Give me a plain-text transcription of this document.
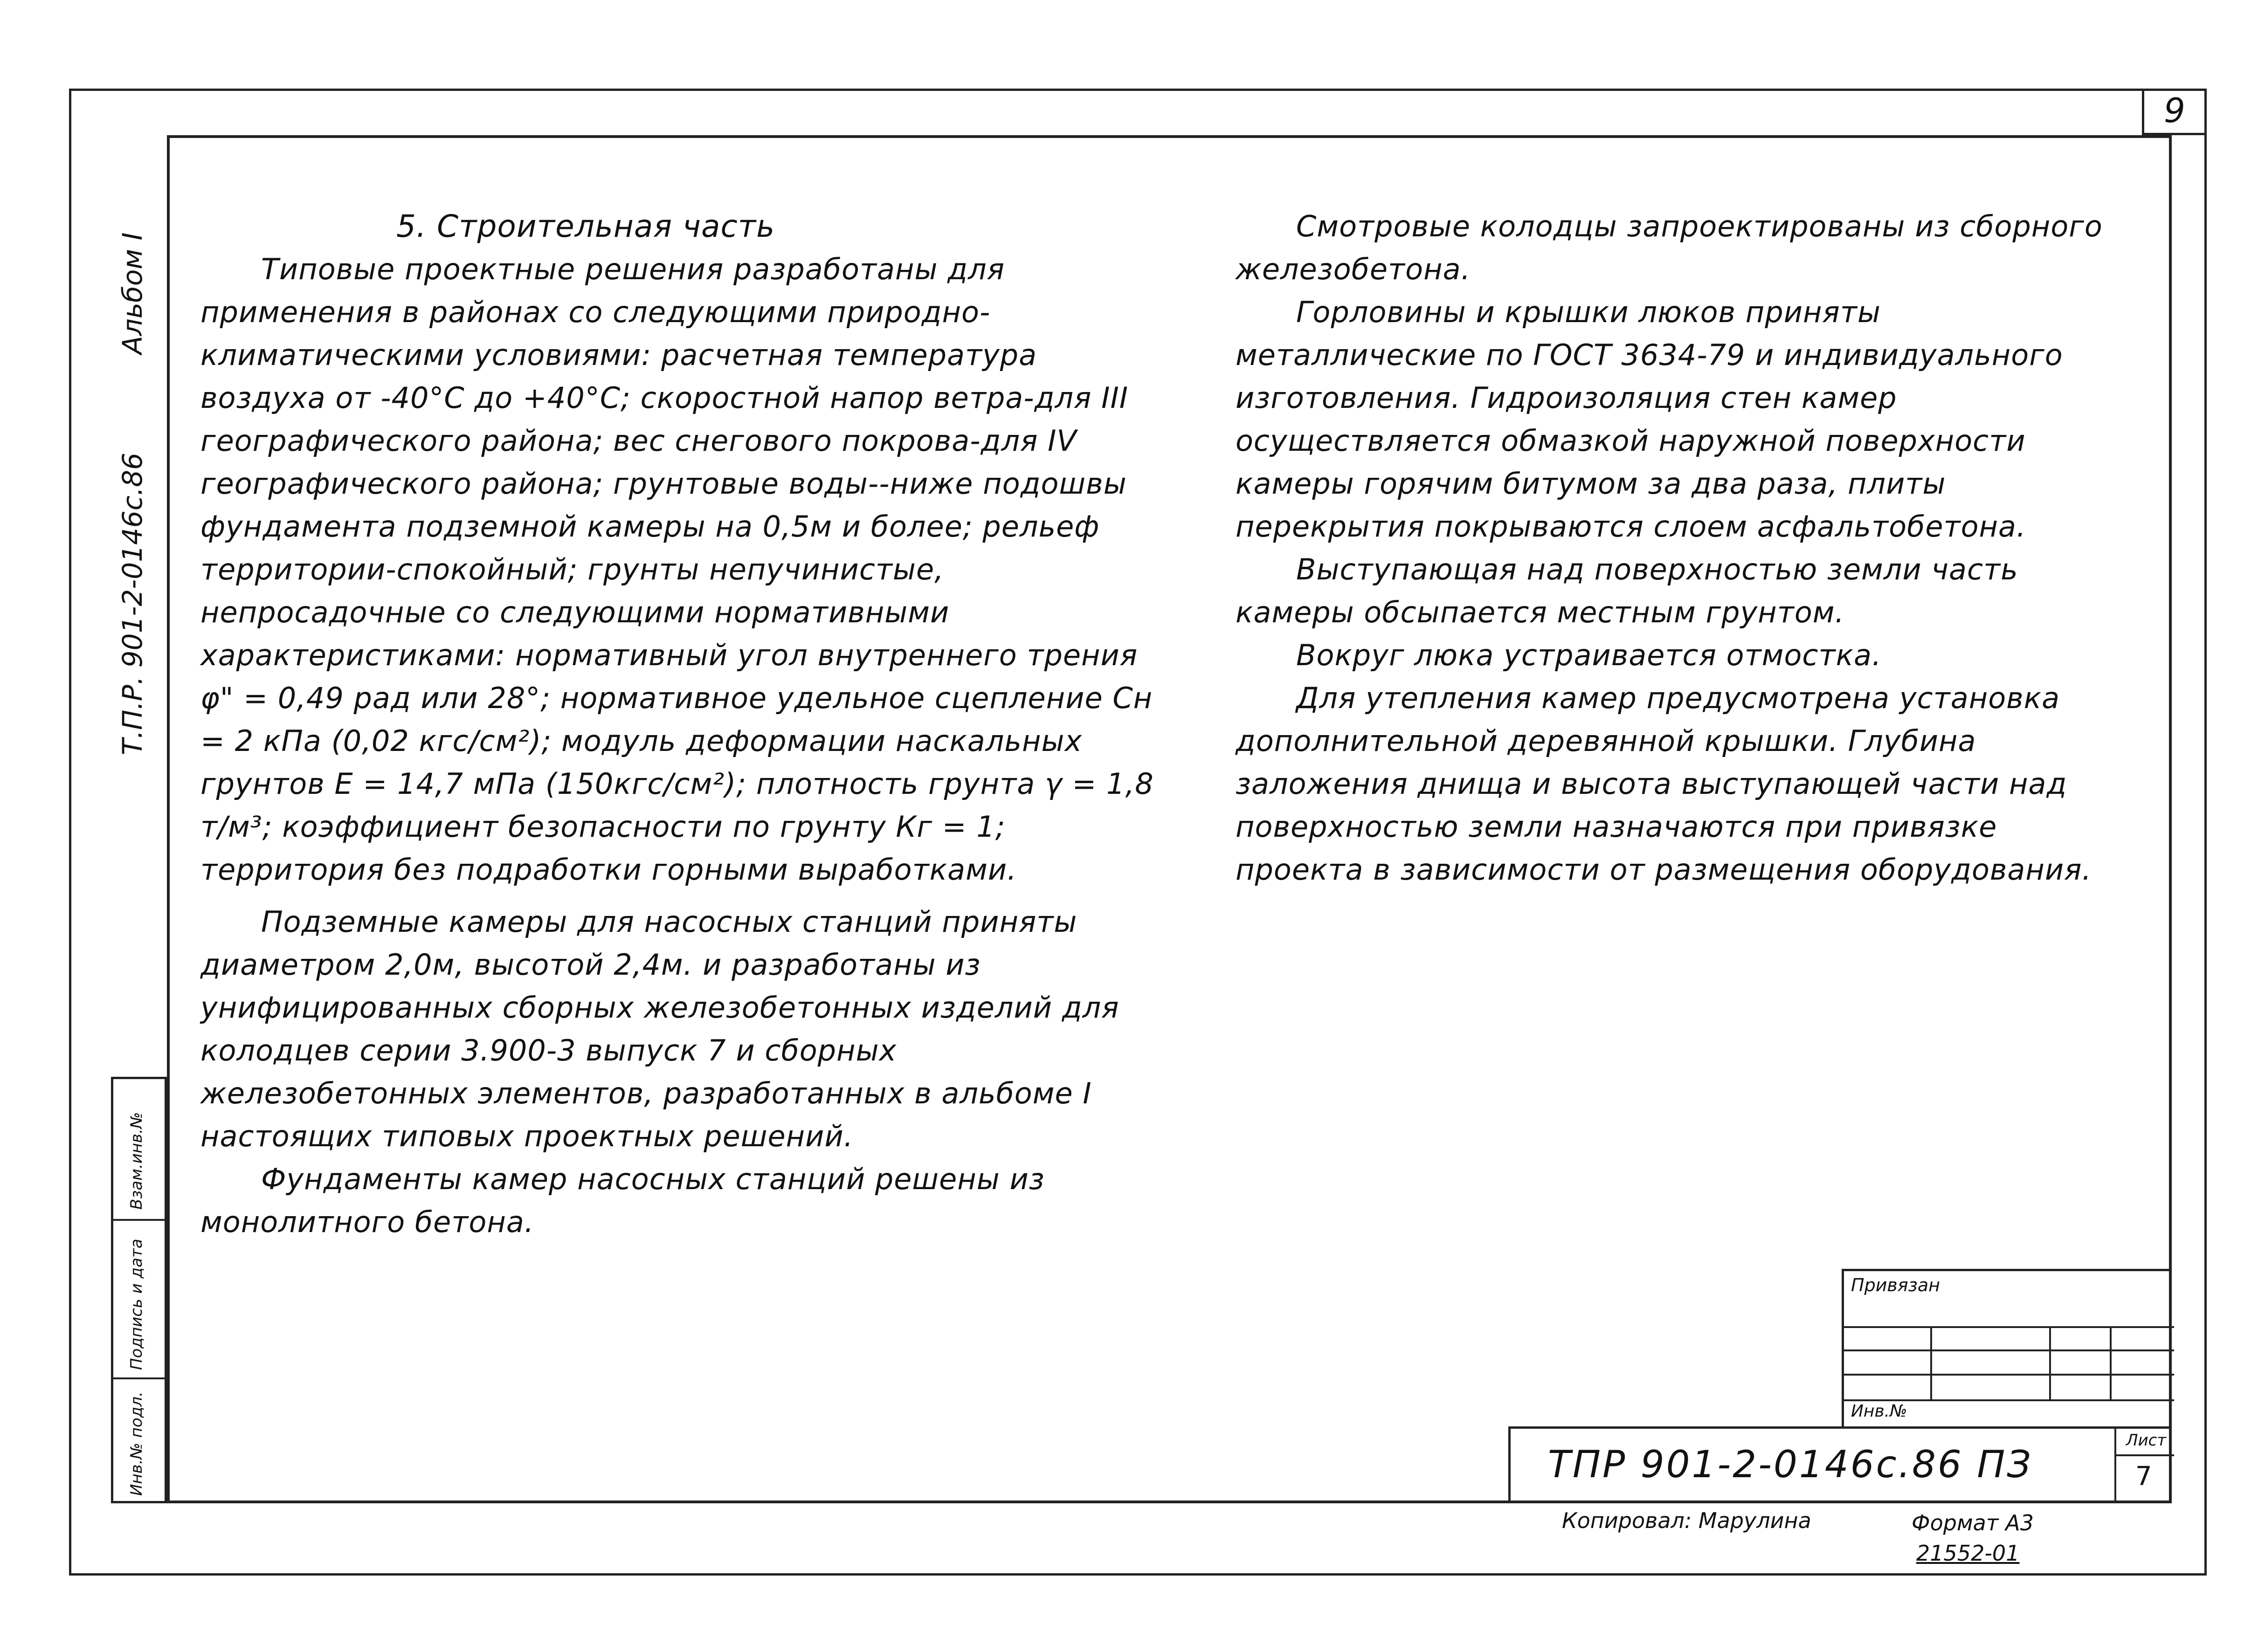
9
Альбом I
Т.П.Р. 901-2-0146с.86

5. Строительная часть

Типовые проектные решения разработаны для применения в районах со следующими природно-климатическими условиями: расчетная температура воздуха от -40°С до +40°С; скоростной напор ветра-для III географического района; вес снегового покрова-для IV географического района; грунтовые воды--ниже подошвы фундамента подземной камеры на 0,5м и более; рельеф территории-спокойный; грунты непучинистые, непросадочные со следующими нормативными характеристиками: нормативный угол внутреннего трения φ" = 0,49 рад или 28°; нормативное удельное сцепление Сн = 2 кПа (0,02 кгс/см²); модуль деформации наскальных грунтов Е = 14,7 мПа (150кгс/см²); плотность грунта γ = 1,8 т/м³; коэффициент безопасности по грунту Кг = 1; территория без подработки горными выработками.

Подземные камеры для насосных станций приняты диаметром 2,0м, высотой 2,4м. и разработаны из унифицированных сборных железобетонных изделий для колодцев серии 3.900-3 выпуск 7 и сборных железобетонных элементов, разработанных в альбоме I настоящих типовых проектных решений.

Фундаменты камер насосных станций решены из монолитного бетона.

Смотровые колодцы запроектированы из сборного железобетона.

Горловины и крышки люков приняты металлические по ГОСТ 3634-79 и индивидуального изготовления. Гидроизоляция стен камер осуществляется обмазкой наружной поверхности камеры горячим битумом за два раза, плиты перекрытия покрываются слоем асфальтобетона.

Выступающая над поверхностью земли часть камеры обсыпается местным грунтом.

Вокруг люка устраивается отмостка.

Для утепления камер предусмотрена установка дополнительной деревянной крышки. Глубина заложения днища и высота выступающей части над поверхностью земли назначаются при привязке проекта в зависимости от размещения оборудования.

Взам.инв.№
Подпись и дата
Инв.№ подл.
Привязан
Инв.№
ТПР 901-2-0146с.86 ПЗ
Лист
7
Копировал: Марулина	Формат А3
21552-01
